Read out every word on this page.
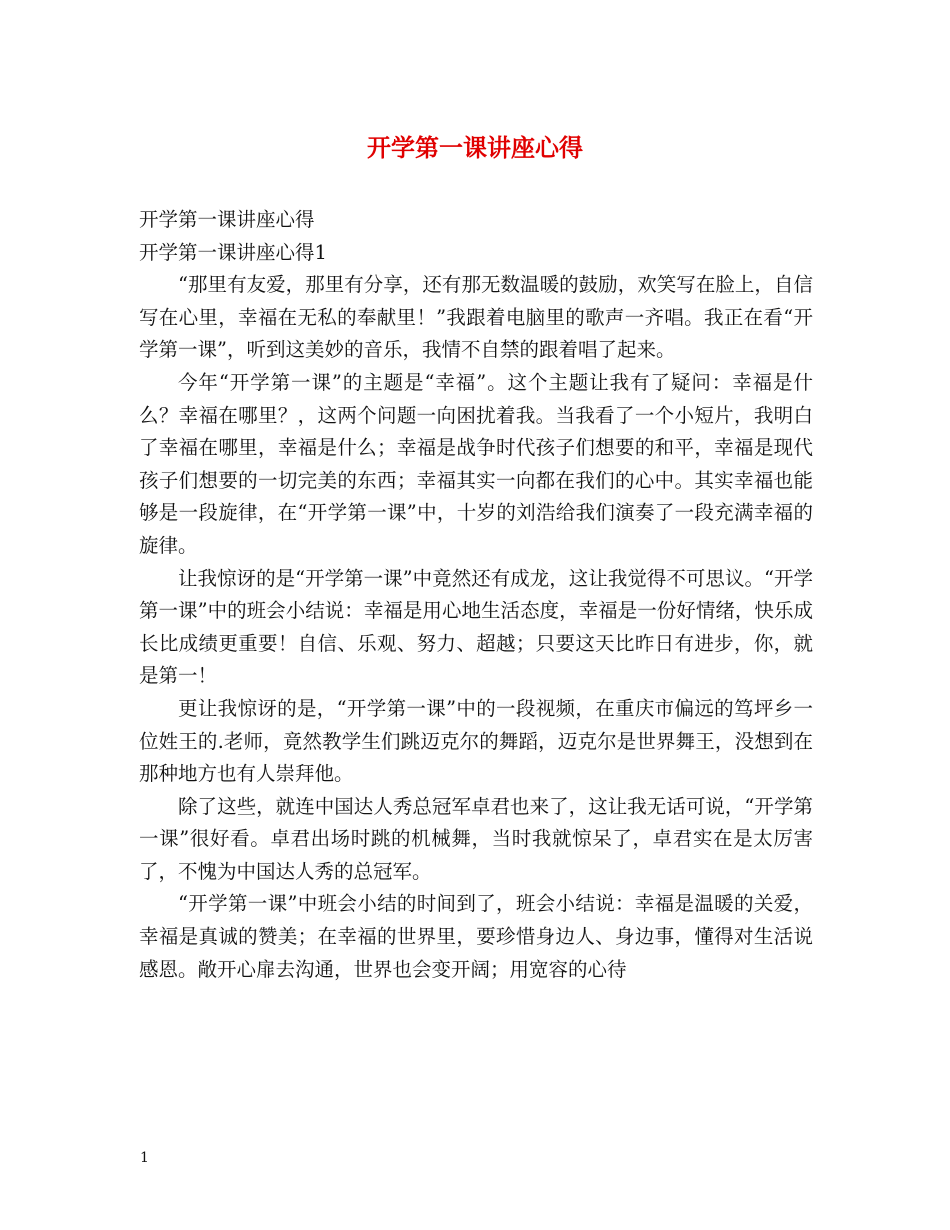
开学第一课讲座心得

开学第一课讲座心得

开学第一课讲座心得1

“那里有友爱，那里有分享，还有那无数温暖的鼓励，欢笑写在脸上，自信写在心里，幸福在无私的奉献里！”我跟着电脑里的歌声一齐唱。我正在看“开学第一课”，听到这美妙的音乐，我情不自禁的跟着唱了起来。

今年“开学第一课”的主题是“幸福”。这个主题让我有了疑问：幸福是什么？幸福在哪里？，这两个问题一向困扰着我。当我看了一个小短片，我明白了幸福在哪里，幸福是什么；幸福是战争时代孩子们想要的和平，幸福是现代孩子们想要的一切完美的东西；幸福其实一向都在我们的心中。其实幸福也能够是一段旋律，在“开学第一课”中，十岁的刘浩给我们演奏了一段充满幸福的旋律。

让我惊讶的是“开学第一课”中竟然还有成龙，这让我觉得不可思议。“开学第一课”中的班会小结说：幸福是用心地生活态度，幸福是一份好情绪，快乐成长比成绩更重要！自信、乐观、努力、超越；只要这天比昨日有进步，你，就是第一！

更让我惊讶的是，“开学第一课”中的一段视频，在重庆市偏远的笃坪乡一位姓王的.老师，竟然教学生们跳迈克尔的舞蹈，迈克尔是世界舞王，没想到在那种地方也有人崇拜他。

除了这些，就连中国达人秀总冠军卓君也来了，这让我无话可说，“开学第一课”很好看。卓君出场时跳的机械舞，当时我就惊呆了，卓君实在是太厉害了，不愧为中国达人秀的总冠军。

“开学第一课”中班会小结的时间到了，班会小结说：幸福是温暖的关爱，幸福是真诚的赞美；在幸福的世界里，要珍惜身边人、身边事，懂得对生活说感恩。敞开心扉去沟通，世界也会变开阔；用宽容的心待

1
